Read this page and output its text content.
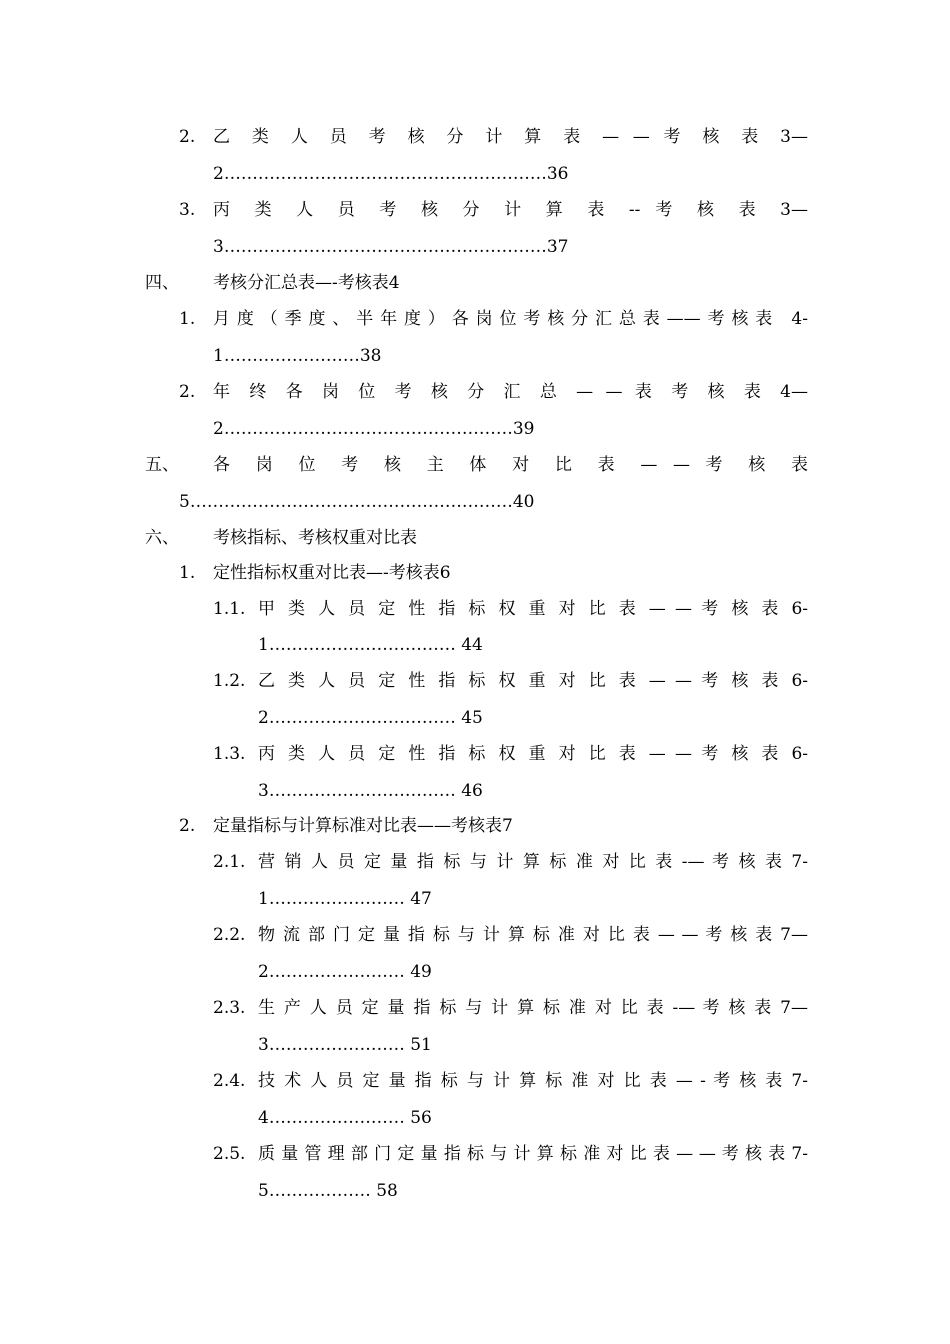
2. 乙 类 人 员 考 核 分 计 算 表 — — 考 核 表 3—

2…………………………………………………36

3. 丙 类 人 员 考 核 分 计 算 表 -- 考 核 表 3—

3…………………………………………………37

四、 考核分汇总表—-考核表4

1. 月度（季度、半年度）各岗位考核分汇总表——考核表 4-

1……………………38

2. 年 终 各 岗 位 考 核 分 汇 总 — — 表 考 核 表 4—

2……………………………………………39

五、 各 岗 位 考 核 主 体 对 比 表 — — 考 核 表

5…………………………………………………40

六、 考核指标、考核权重对比表

1. 定性指标权重对比表—-考核表6

1.1. 甲 类 人 员 定 性 指 标 权 重 对 比 表 — — 考 核 表 6-

1…………………………… 44

1.2. 乙 类 人 员 定 性 指 标 权 重 对 比 表 — — 考 核 表 6-

2…………………………… 45

1.3. 丙 类 人 员 定 性 指 标 权 重 对 比 表 — — 考 核 表 6-

3…………………………… 46

2. 定量指标与计算标准对比表——考核表7

2.1. 营 销 人 员 定 量 指 标 与 计 算 标 准 对 比 表 -— 考 核 表 7-

1…………………… 47

2.2. 物 流 部 门 定 量 指 标 与 计 算 标 准 对 比 表 — — 考 核 表 7—

2…………………… 49

2.3. 生 产 人 员 定 量 指 标 与 计 算 标 准 对 比 表 -— 考 核 表 7—

3…………………… 51

2.4. 技 术 人 员 定 量 指 标 与 计 算 标 准 对 比 表 — - 考 核 表 7-

4…………………… 56

2.5. 质 量 管 理 部 门 定 量 指 标 与 计 算 标 准 对 比 表 — — 考 核 表 7-

5……………… 58
